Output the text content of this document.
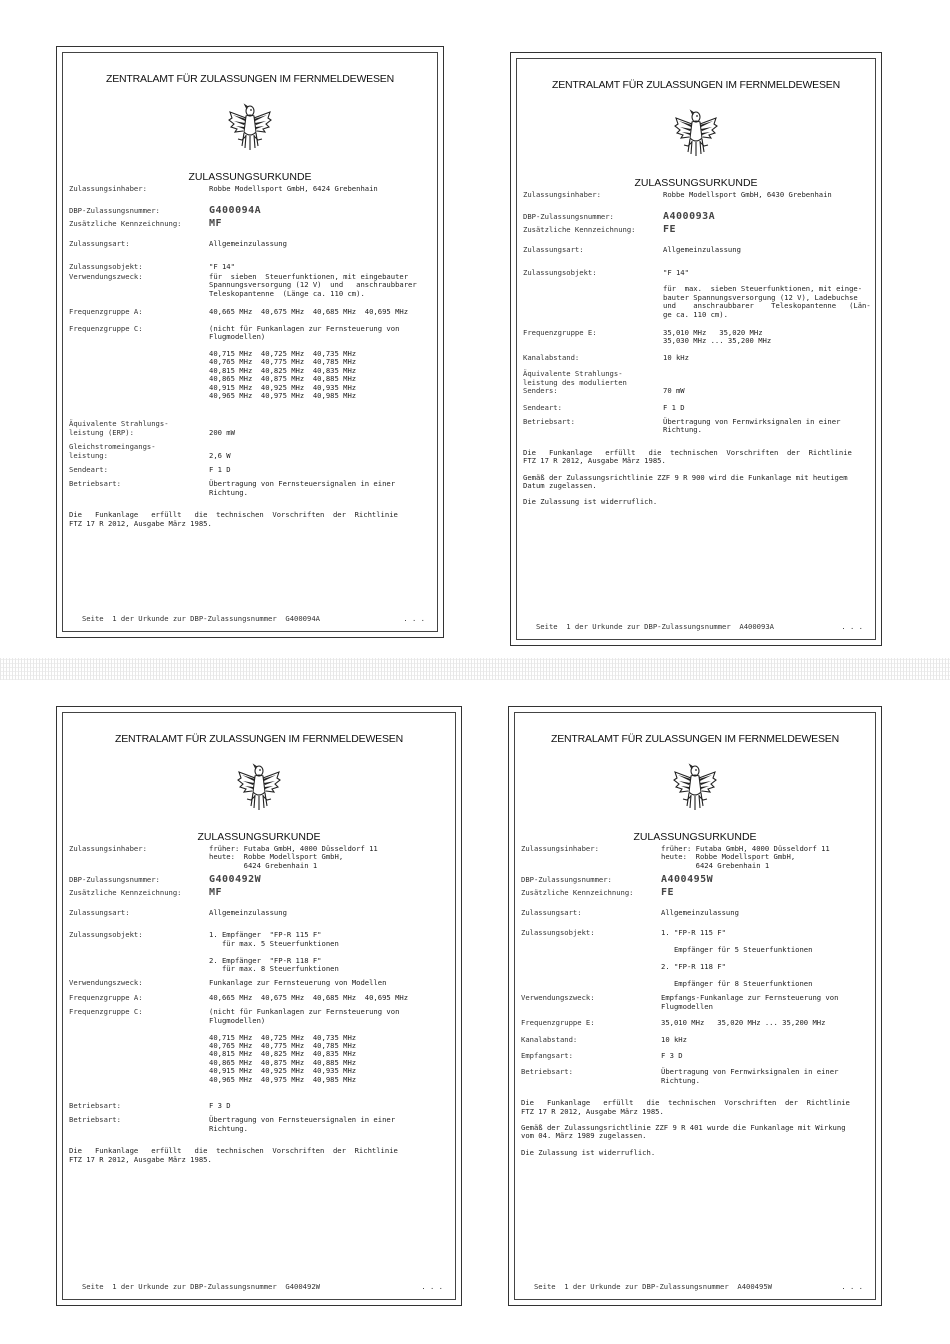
ZENTRALAMT FÜR ZULASSUNGEN IM FERNMELDEWESEN
ZULASSUNGSURKUNDE
Zulassungsinhaber:	Robbe Modellsport GmbH, 6424 Grebenhain
DBP-Zulassungsnummer:	G400094A
Zusätzliche Kennzeichnung:	MF
Zulassungsart:	Allgemeinzulassung
Zulassungsobjekt:	"F 14"
Verwendungszweck:	für  sieben  Steuerfunktionen, mit eingebauter
Spannungsversorgung (12 V)  und   anschraubbarer
Teleskopantenne  (Länge ca. 110 cm).
Frequenzgruppe A:	40,665 MHz  40,675 MHz  40,685 MHz  40,695 MHz
Frequenzgruppe C:	(nicht für Funkanlagen zur Fernsteuerung von
Flugmodellen)

40,715 MHz  40,725 MHz  40,735 MHz
40,765 MHz  40,775 MHz  40,785 MHz
40,815 MHz  40,825 MHz  40,835 MHz
40,865 MHz  40,875 MHz  40,885 MHz
40,915 MHz  40,925 MHz  40,935 MHz
40,965 MHz  40,975 MHz  40,985 MHz
Äquivalente Strahlungs-
leistung (ERP):
	200 mW
Gleichstromeingangs-
leistung:
	2,6 W
Sendeart:	F 1 D
Betriebsart:	Übertragung von Fernsteuersignalen in einer
Richtung.
Die   Funkanlage   erfüllt   die  technischen  Vorschriften  der  Richtlinie
FTZ 17 R 2012, Ausgabe März 1985.
Seite  1 der Urkunde zur DBP-Zulassungsnummer  G400094A	. . .
ZENTRALAMT FÜR ZULASSUNGEN IM FERNMELDEWESEN
ZULASSUNGSURKUNDE
Zulassungsinhaber:	Robbe Modellsport GmbH, 6430 Grebenhain
DBP-Zulassungsnummer:	A400093A
Zusätzliche Kennzeichnung:	FE
Zulassungsart:	Allgemeinzulassung
Zulassungsobjekt:	"F 14"

für  max.  sieben Steuerfunktionen, mit einge-
bauter Spannungsversorgung (12 V), Ladebuchse
und    anschraubbarer    Teleskopantenne   (Län-
ge ca. 110 cm).
Frequenzgruppe E:	35,010 MHz   35,020 MHz
35,030 MHz ... 35,200 MHz
Kanalabstand:	10 kHz
Äquivalente Strahlungs-
leistung des modulierten
Senders:

	70 mW
Sendeart:	F 1 D
Betriebsart:	Übertragung von Fernwirksignalen in einer
Richtung.
Die   Funkanlage   erfüllt   die  technischen  Vorschriften  der  Richtlinie
FTZ 17 R 2012, Ausgabe März 1985.
Gemäß der Zulassungsrichtlinie ZZF 9 R 900 wird die Funkanlage mit heutigem
Datum zugelassen.
Die Zulassung ist widerruflich.
Seite  1 der Urkunde zur DBP-Zulassungsnummer  A400093A	. . .
ZENTRALAMT FÜR ZULASSUNGEN IM FERNMELDEWESEN
ZULASSUNGSURKUNDE
Zulassungsinhaber:	früher: Futaba GmbH, 4000 Düsseldorf 11
heute:  Robbe Modellsport GmbH,
6424 Grebenhain 1
DBP-Zulassungsnummer:	G400492W
Zusätzliche Kennzeichnung:	MF
Zulassungsart:	Allgemeinzulassung
Zulassungsobjekt:	1. Empfänger  "FP-R 115 F"
für max. 5 Steuerfunktionen

2. Empfänger  "FP-R 118 F"
für max. 8 Steuerfunktionen
Verwendungszweck:	Funkanlage zur Fernsteuerung von Modellen
Frequenzgruppe A:	40,665 MHz  40,675 MHz  40,685 MHz  40,695 MHz
Frequenzgruppe C:	(nicht für Funkanlagen zur Fernsteuerung von
Flugmodellen)

40,715 MHz  40,725 MHz  40,735 MHz
40,765 MHz  40,775 MHz  40,785 MHz
40,815 MHz  40,825 MHz  40,835 MHz
40,865 MHz  40,875 MHz  40,885 MHz
40,915 MHz  40,925 MHz  40,935 MHz
40,965 MHz  40,975 MHz  40,985 MHz
Betriebsart:	F 3 D
Betriebsart:	Übertragung von Fernsteuersignalen in einer
Richtung.
Die   Funkanlage   erfüllt   die  technischen  Vorschriften  der  Richtlinie
FTZ 17 R 2012, Ausgabe März 1985.
Seite  1 der Urkunde zur DBP-Zulassungsnummer  G400492W	. . .
ZENTRALAMT FÜR ZULASSUNGEN IM FERNMELDEWESEN
ZULASSUNGSURKUNDE
Zulassungsinhaber:	früher: Futaba GmbH, 4000 Düsseldorf 11
heute:  Robbe Modellsport GmbH,
6424 Grebenhain 1
DBP-Zulassungsnummer:	A400495W
Zusätzliche Kennzeichnung:	FE
Zulassungsart:	Allgemeinzulassung
Zulassungsobjekt:	1. "FP-R 115 F"

Empfänger für 5 Steuerfunktionen

2. "FP-R 118 F"

Empfänger für 8 Steuerfunktionen
Verwendungszweck:	Empfangs-Funkanlage zur Fernsteuerung von
Flugmodellen
Frequenzgruppe E:	35,010 MHz   35,020 MHz ... 35,200 MHz
Kanalabstand:	10 kHz
Empfangsart:	F 3 D
Betriebsart:	Übertragung von Fernwirksignalen in einer
Richtung.
Die   Funkanlage   erfüllt   die  technischen  Vorschriften  der  Richtlinie
FTZ 17 R 2012, Ausgabe März 1985.
Gemäß der Zulassungsrichtlinie ZZF 9 R 401 wurde die Funkanlage mit Wirkung
vom 04. März 1989 zugelassen.
Die Zulassung ist widerruflich.
Seite  1 der Urkunde zur DBP-Zulassungsnummer  A400495W	. . .
